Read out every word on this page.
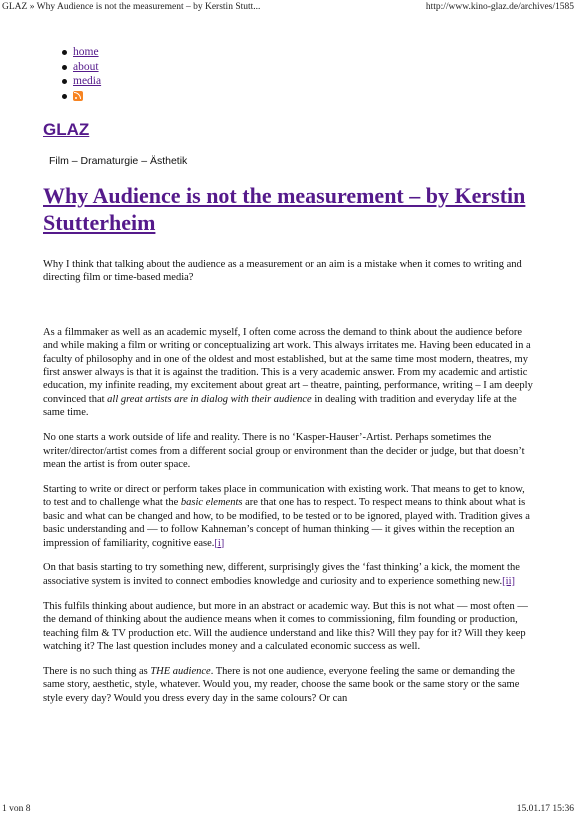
GLAZ » Why Audience is not the measurement – by Kerstin Stutt...	http://www.kino-glaz.de/archives/1585
home
about
media
GLAZ
Film – Dramaturgie – Ästhetik
Why Audience is not the measurement – by Kerstin Stutterheim

Why I think that talking about the audience as a measurement or an aim is a mistake when it comes to writing and directing film or time-based media?

As a filmmaker as well as an academic myself, I often come across the demand to think about the audience before and while making a film or writing or conceptualizing art work. This always irritates me. Having been educated in a faculty of philosophy and in one of the oldest and most established, but at the same time most modern, theatres, my first answer always is that it is against the tradition. This is a very academic answer. From my academic and artistic education, my infinite reading, my excitement about great art – theatre, painting, performance, writing – I am deeply convinced that all great artists are in dialog with their audience in dealing with tradition and everyday life at the same time.

No one starts a work outside of life and reality. There is no ‘Kasper-Hauser’-Artist. Perhaps sometimes the writer/director/artist comes from a different social group or environment than the decider or judge, but that doesn’t mean the artist is from outer space.

Starting to write or direct or perform takes place in communication with existing work. That means to get to know, to test and to challenge what the basic elements are that one has to respect. To respect means to think about what is basic and what can be changed and how, to be modified, to be tested or to be ignored, played with. Tradition gives a basic understanding and — to follow Kahneman’s concept of human thinking — it gives within the reception an impression of familiarity, cognitive ease.[i]

On that basis starting to try something new, different, surprisingly gives the ‘fast thinking’ a kick, the moment the associative system is invited to connect embodies knowledge and curiosity and to experience something new.[ii]

This fulfils thinking about audience, but more in an abstract or academic way. But this is not what — most often — the demand of thinking about the audience means when it comes to commissioning, film founding or production, teaching film & TV production etc. Will the audience understand and like this? Will they pay for it? Will they keep watching it? The last question includes money and a calculated economic success as well.

There is no such thing as THE audience. There is not one audience, everyone feeling the same or demanding the same story, aesthetic, style, whatever. Would you, my reader, choose the same book or the same story or the same style every day? Would you dress every day in the same colours? Or can

1 von 8	15.01.17 15:36
